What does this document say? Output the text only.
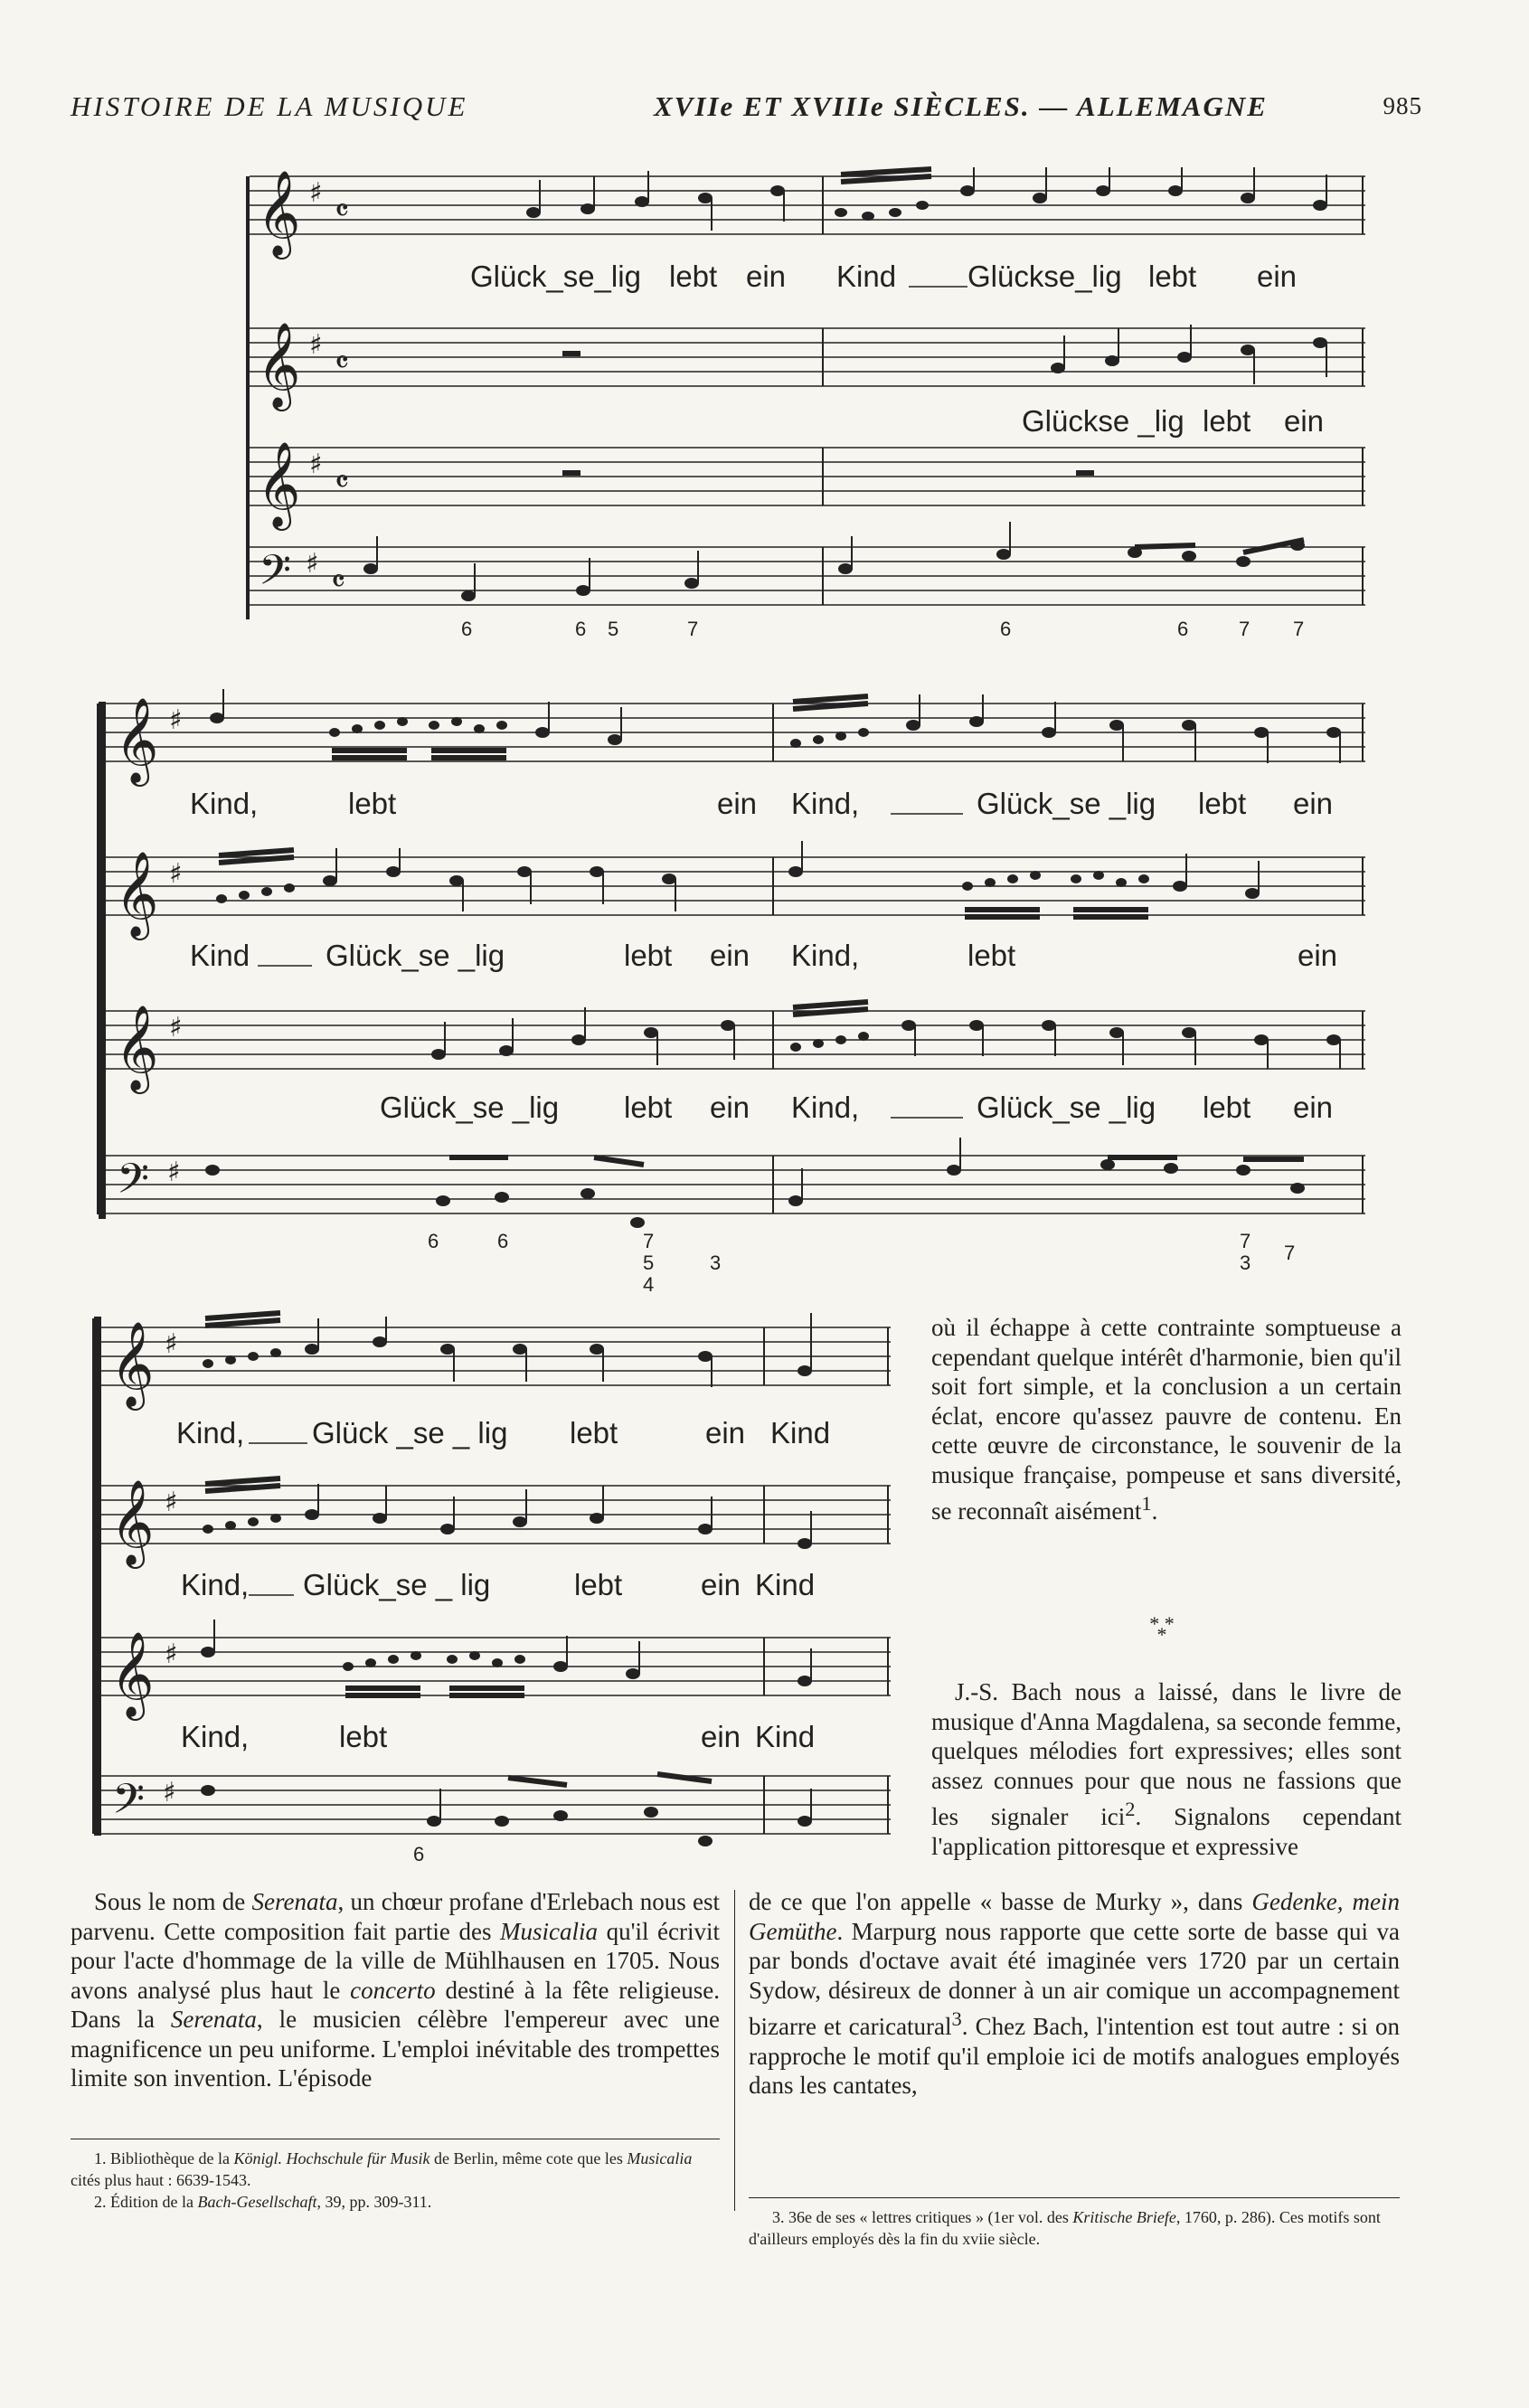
HISTOIRE DE LA MUSIQUE	XVIIe ET XVIIIe SIÈCLES. — ALLEMAGNE	985
𝄞 ♯ 𝄴
Glück_se_lig lebt ein Kind Glückse_lig lebt ein
𝄞 ♯ 𝄴
Glückse _lig lebt ein
𝄞 ♯ 𝄴
𝄢 ♯ 𝄴
6	6 5	7	6	6	7 7
𝄞 ♯
Kind,	lebt	ein Kind,	Glück_se _lig lebt ein
𝄞 ♯
Kind	Glück_se _lig	lebt ein Kind,	lebt	ein
𝄞 ♯
Glück_se _lig lebt ein Kind,	Glück_se _lig lebt ein
𝄢 ♯
6	6	7
5
4
3
7
3 7
𝄞 ♯
Kind, Glück _se _ lig lebt	ein Kind
𝄞 ♯
Kind, Glück_se _ lig	lebt	ein Kind
𝄞 ♯
Kind,	lebt	ein Kind
𝄢 ♯
6

où il échappe à cette contrainte somptueuse a cependant quelque intérêt d'harmonie, bien qu'il soit fort simple, et la conclusion a un certain éclat, encore qu'assez pauvre de contenu. En cette œuvre de circonstance, le souvenir de la musique française, pompeuse et sans diversité, se reconnaît aisément$^1$.

* * *

J.-S. Bach nous a laissé, dans le livre de musique d'Anna Magdalena, sa seconde femme, quelques mélodies fort expressives; elles sont assez connues pour que nous ne fassions que les signaler ici$^2$. Signalons cependant l'application pittoresque et expressive

Sous le nom de Serenata, un chœur profane d'Erlebach nous est parvenu. Cette composition fait partie des Musicalia qu'il écrivit pour l'acte d'hommage de la ville de Mühlhausen en 1705. Nous avons analysé plus haut le concerto destiné à la fête religieuse. Dans la Serenata, le musicien célèbre l'empereur avec une magnificence un peu uniforme. L'emploi inévitable des trompettes limite son invention. L'épisode

de ce que l'on appelle « basse de Murky », dans Gedenke, mein Gemüthe. Marpurg nous rapporte que cette sorte de basse qui va par bonds d'octave avait été imaginée vers 1720 par un certain Sydow, désireux de donner à un air comique un accompagnement bizarre et caricatural$^3$. Chez Bach, l'intention est tout autre : si on rapproche le motif qu'il emploie ici de motifs analogues employés dans les cantates,

1. Bibliothèque de la Königl. Hochschule für Musik de Berlin, même cote que les Musicalia cités plus haut : 6639-1543.
2. Édition de la Bach-Gesellschaft, 39, pp. 309-311.
3. 36e de ses « lettres critiques » (1er vol. des Kritische Briefe, 1760, p. 286). Ces motifs sont d'ailleurs employés dès la fin du xviie siècle.
